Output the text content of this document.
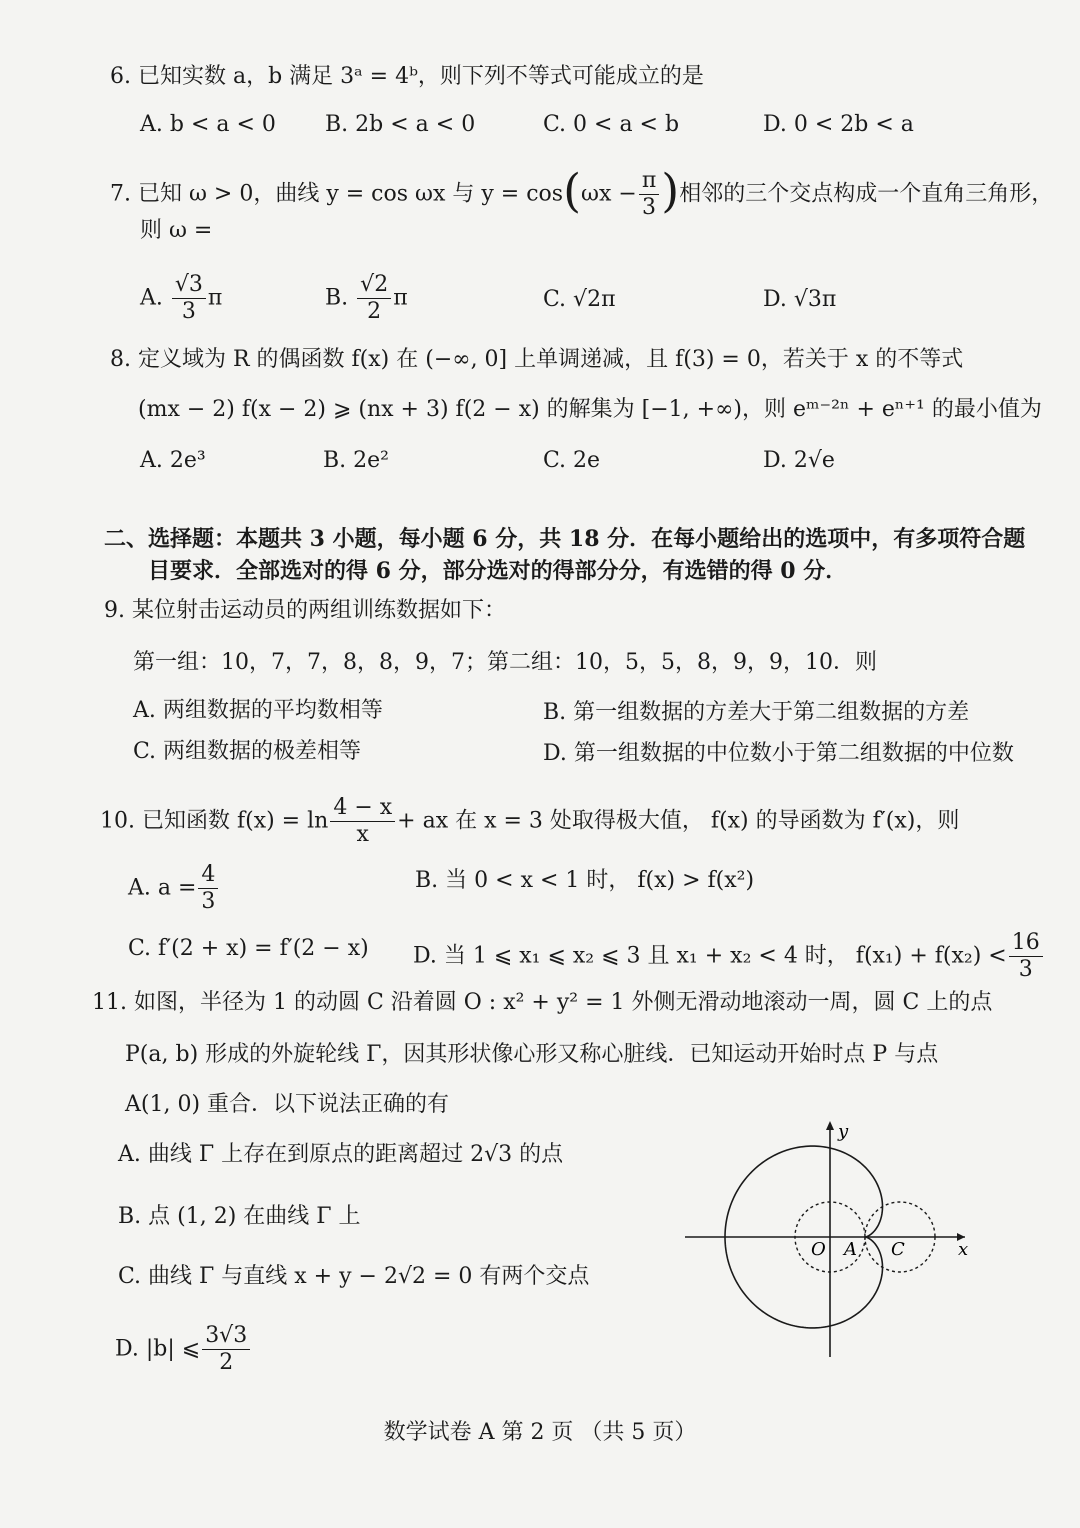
6. 已知实数 a，b 满足 3ᵃ = 4ᵇ，则下列不等式可能成立的是
A. b < a < 0 B. 2b < a < 0	C. 0 < a < b	D. 0 < 2b < a
7. 已知 ω > 0，曲线 y = cos ωx 与 $y = \cos(\omega x - \frac{\pi}{3}$ )相邻的三个交点构成一个直角三角形，
则 ω =
A. $\frac{√3}{3}$ π	B. $\frac{√2}{2}$ π	C. √2π	D. √3π
8. 定义域为 R 的偶函数 f(x) 在 (−∞, 0] 上单调递减，且 f(3) = 0，若关于 x 的不等式
(mx − 2) f(x − 2) ⩾ (nx + 3) f(2 − x) 的解集为 [−1, +∞)，则 eᵐ⁻²ⁿ + eⁿ⁺¹ 的最小值为
A. 2e³	B. 2e²	C. 2e	D. 2√e
二、选择题：本题共 3 小题，每小题 6 分，共 18 分．在每小题给出的选项中，有多项符合题
目要求．全部选对的得 6 分，部分选对的得部分分，有选错的得 0 分．
9. 某位射击运动员的两组训练数据如下：
第一组：10，7，7，8，8，9，7；第二组：10，5，5，8，9，9，10．则
A. 两组数据的平均数相等	B. 第一组数据的方差大于第二组数据的方差
C. 两组数据的极差相等	D. 第一组数据的中位数小于第二组数据的中位数
10. 已知函数 $f(x) = \ln \frac{4 - x}{x}$ + ax 在 x = 3 处取得极大值， f(x) 的导函数为 f′(x)，则
A. $a = \frac{4}{3}$	B. 当 0 < x < 1 时， f(x) > f(x²)
C. f′(2 + x) = f′(2 − x) D. 当 1 ⩽ x₁ ⩽ x₂ ⩽ 3 且 x₁ + x₂ < 4 时， $f(x_1) + f(x_2) < \frac{16}{3}$
11. 如图，半径为 1 的动圆 C 沿着圆 O : x² + y² = 1 外侧无滑动地滚动一周，圆 C 上的点
P(a, b) 形成的外旋轮线 Γ，因其形状像心形又称心脏线．已知运动开始时点 P 与点
A(1, 0) 重合．以下说法正确的有
A. 曲线 Γ 上存在到原点的距离超过 2√3 的点
B. 点 (1, 2) 在曲线 Γ 上
C. 曲线 Γ 与直线 x + y − 2√2 = 0 有两个交点
D. |b| ⩽ $\frac{3√3}{2}$
y
x
O A C
数学试卷 A 第 2 页 （共 5 页）
